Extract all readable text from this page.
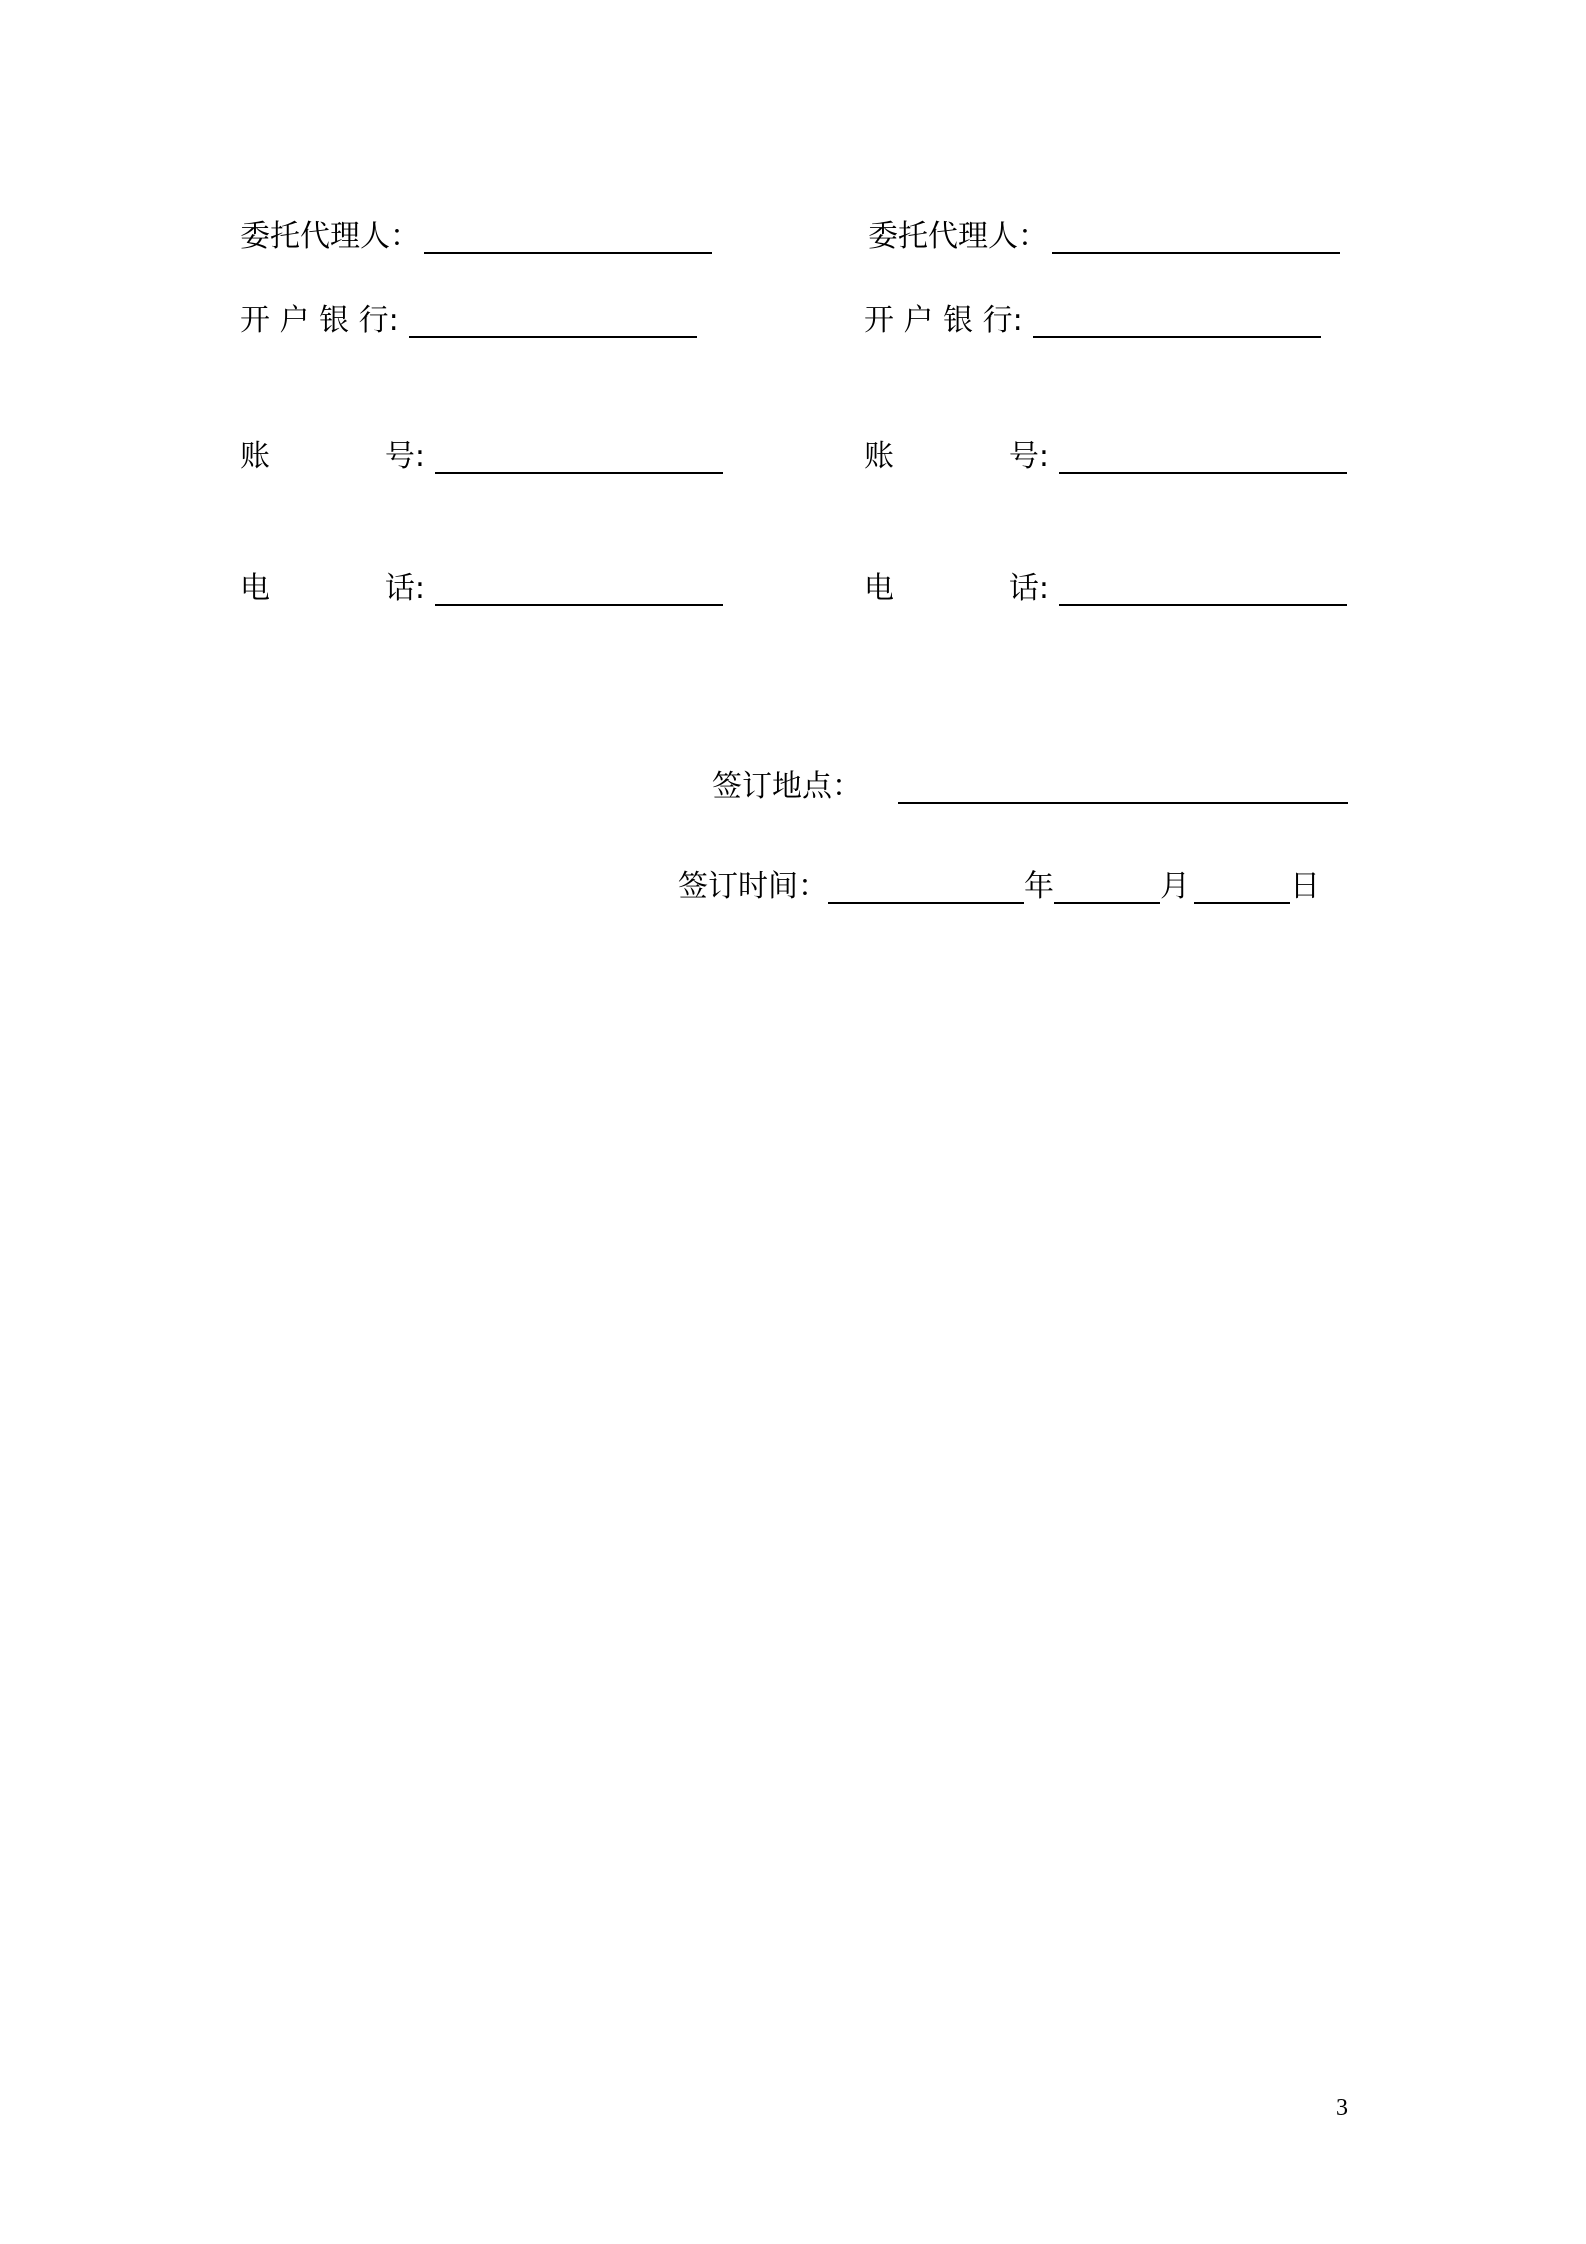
委托代理人：
开 户 银 行:
账	号:
电	话:
委托代理人：
开 户 银 行:
账	号:
电	话:
签订地点：
签订时间：	年	月	日
3
